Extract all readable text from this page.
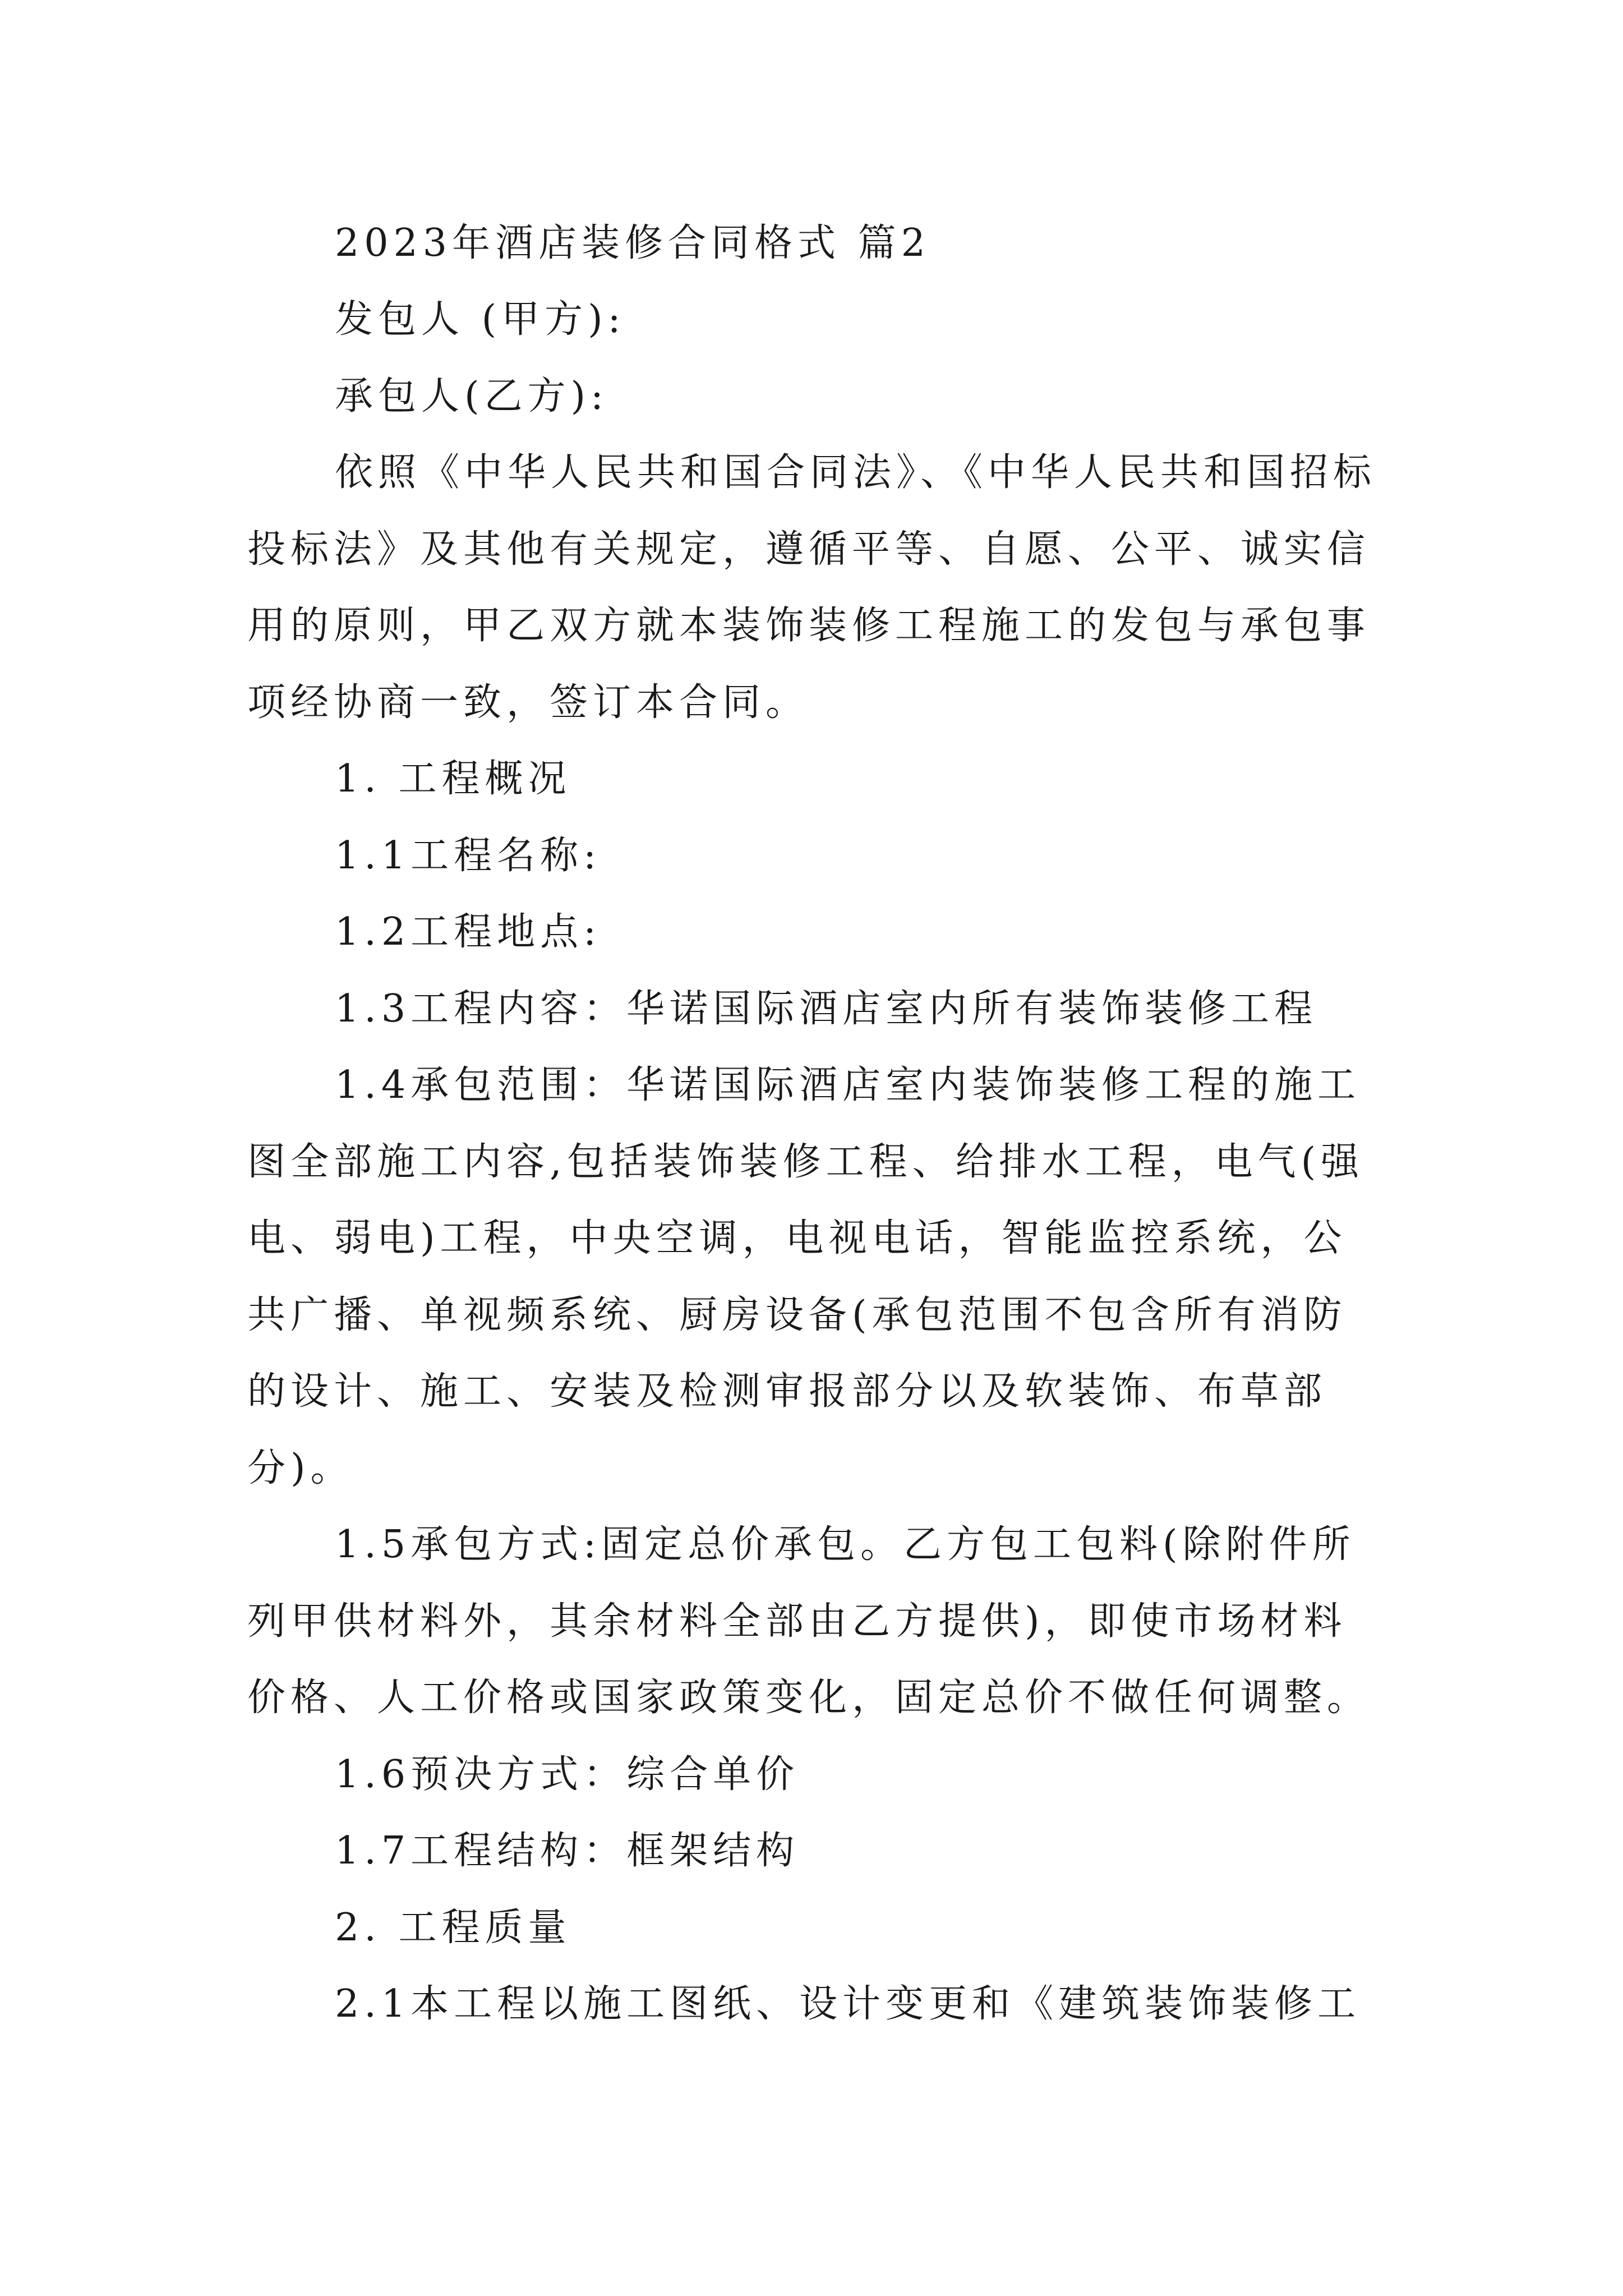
2023年酒店装修合同格式 篇2
发包人 (甲方):
承包人(乙方):
依照《中华人民共和国合同法》、《中华人民共和国招标
投标法》及其他有关规定，遵循平等、自愿、公平、诚实信
用的原则，甲乙双方就本装饰装修工程施工的发包与承包事
项经协商一致，签订本合同。
1. 工程概况
1.1工程名称:
1.2工程地点:
1.3工程内容：华诺国际酒店室内所有装饰装修工程
1.4承包范围：华诺国际酒店室内装饰装修工程的施工
图全部施工内容,包括装饰装修工程、给排水工程，电气(强
电、弱电)工程，中央空调，电视电话，智能监控系统，公
共广播、单视频系统、厨房设备(承包范围不包含所有消防
的设计、施工、安装及检测审报部分以及软装饰、布草部
分)。
1.5承包方式:固定总价承包。乙方包工包料(除附件所
列甲供材料外，其余材料全部由乙方提供)，即使市场材料
价格、人工价格或国家政策变化，固定总价不做任何调整。
1.6预决方式：综合单价
1.7工程结构：框架结构
2. 工程质量
2.1本工程以施工图纸、设计变更和《建筑装饰装修工
